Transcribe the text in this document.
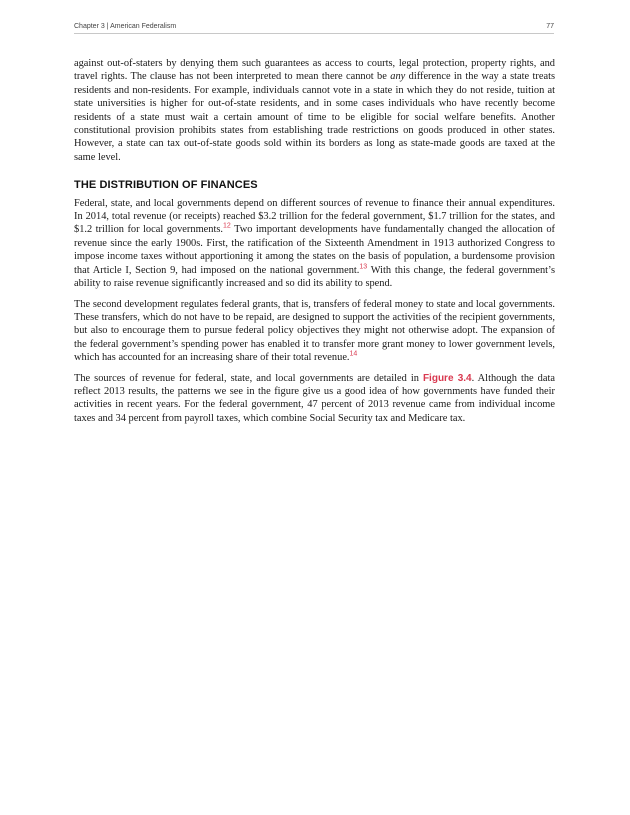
Chapter 3 | American Federalism	77

against out-of-staters by denying them such guarantees as access to courts, legal protection, property rights, and travel rights. The clause has not been interpreted to mean there cannot be any difference in the way a state treats residents and non-residents. For example, individuals cannot vote in a state in which they do not reside, tuition at state universities is higher for out-of-state residents, and in some cases individuals who have recently become residents of a state must wait a certain amount of time to be eligible for social welfare benefits. Another constitutional provision prohibits states from establishing trade restrictions on goods produced in other states. However, a state can tax out-of-state goods sold within its borders as long as state-made goods are taxed at the same level.

THE DISTRIBUTION OF FINANCES

Federal, state, and local governments depend on different sources of revenue to finance their annual expenditures. In 2014, total revenue (or receipts) reached $3.2 trillion for the federal government, $1.7 trillion for the states, and $1.2 trillion for local governments.$^{12}$ Two important developments have fundamentally changed the allocation of revenue since the early 1900s. First, the ratification of the Sixteenth Amendment in 1913 authorized Congress to impose income taxes without apportioning it among the states on the basis of population, a burdensome provision that Article I, Section 9, had imposed on the national government.$^{13}$ With this change, the federal government’s ability to raise revenue significantly increased and so did its ability to spend.

The second development regulates federal grants, that is, transfers of federal money to state and local governments. These transfers, which do not have to be repaid, are designed to support the activities of the recipient governments, but also to encourage them to pursue federal policy objectives they might not otherwise adopt. The expansion of the federal government’s spending power has enabled it to transfer more grant money to lower government levels, which has accounted for an increasing share of their total revenue.$^{14}$

The sources of revenue for federal, state, and local governments are detailed in Figure 3.4. Although the data reflect 2013 results, the patterns we see in the figure give us a good idea of how governments have funded their activities in recent years. For the federal government, 47 percent of 2013 revenue came from individual income taxes and 34 percent from payroll taxes, which combine Social Security tax and Medicare tax.
